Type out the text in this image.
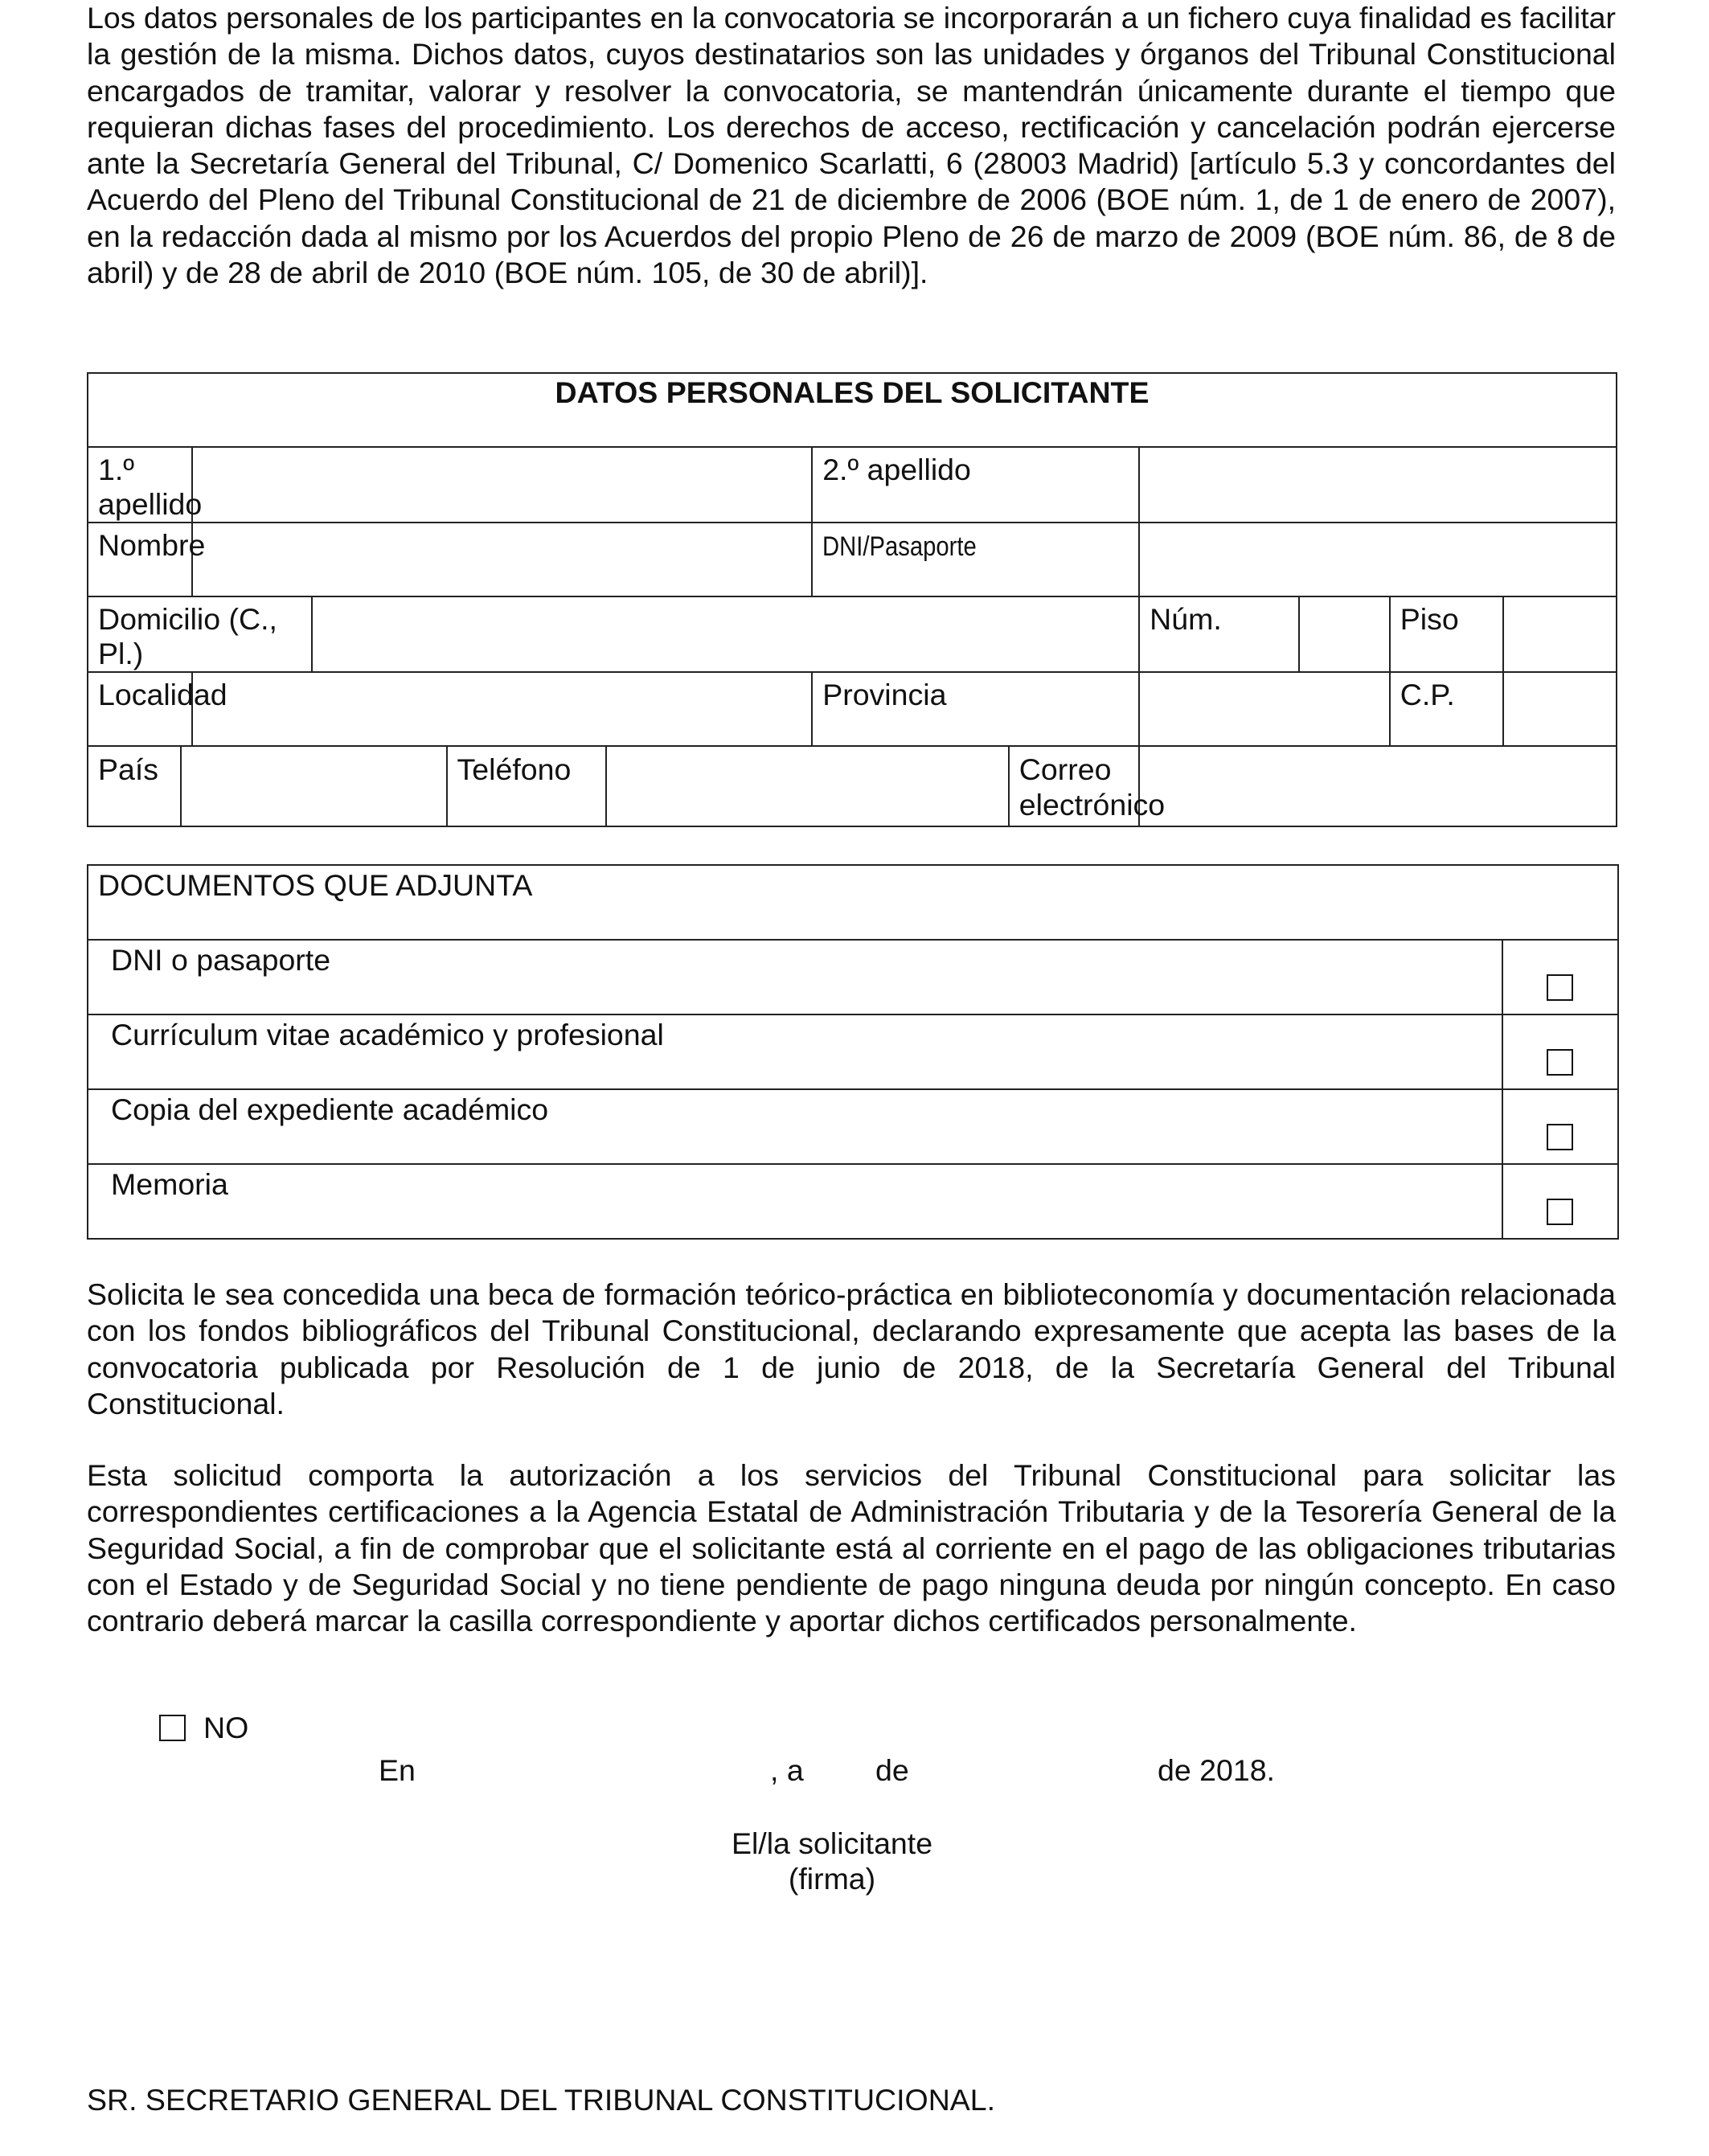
Los datos personales de los participantes en la convocatoria se incorporarán a un fichero cuya finalidad es facilitar la gestión de la misma. Dichos datos, cuyos destinatarios son las unidades y órganos del Tribunal Constitucional encargados de tramitar, valorar y resolver la convocatoria, se mantendrán únicamente durante el tiempo que requieran dichas fases del procedimiento. Los derechos de acceso, rectificación y cancelación podrán ejercerse ante la Secretaría General del Tribunal, C/ Domenico Scarlatti, 6 (28003 Madrid) [artículo 5.3 y concordantes del Acuerdo del Pleno del Tribunal Constitucional de 21 de diciembre de 2006 (BOE núm. 1, de 1 de enero de 2007), en la redacción dada al mismo por los Acuerdos del propio Pleno de 26 de marzo de 2009 (BOE núm. 86, de 8 de abril) y de 28 de abril de 2010 (BOE núm. 105, de 30 de abril)].

DATOS PERSONALES DEL SOLICITANTE											
1.º apellido						2.º apellido					
Nombre						DNI/Pasaporte					
Domicilio (C., Pl.)								Núm.		Piso	
Localidad						Provincia				C.P.	
País				Teléfono			Correo electrónico				
DOCUMENTOS QUE ADJUNTA	
DNI o pasaporte	

Currículum vitae académico y profesional	

Copia del expediente académico	

Memoria	

Solicita le sea concedida una beca de formación teórico-práctica en biblioteconomía y documentación relacionada con los fondos bibliográficos del Tribunal Constitucional, declarando expresamente que acepta las bases de la convocatoria publicada por Resolución de 1 de junio de 2018, de la Secretaría General del Tribunal Constitucional.

Esta solicitud comporta la autorización a los servicios del Tribunal Constitucional para solicitar las correspondientes certificaciones a la Agencia Estatal de Administración Tributaria y de la Tesorería General de la Seguridad Social, a fin de comprobar que el solicitante está al corriente en el pago de las obligaciones tributarias con el Estado y de Seguridad Social y no tiene pendiente de pago ninguna deuda por ningún concepto. En caso contrario deberá marcar la casilla correspondiente y aportar dichos certificados personalmente.

NO

En	, a de	de 2018.

El/la solicitante

(firma)

SR. SECRETARIO GENERAL DEL TRIBUNAL CONSTITUCIONAL.
